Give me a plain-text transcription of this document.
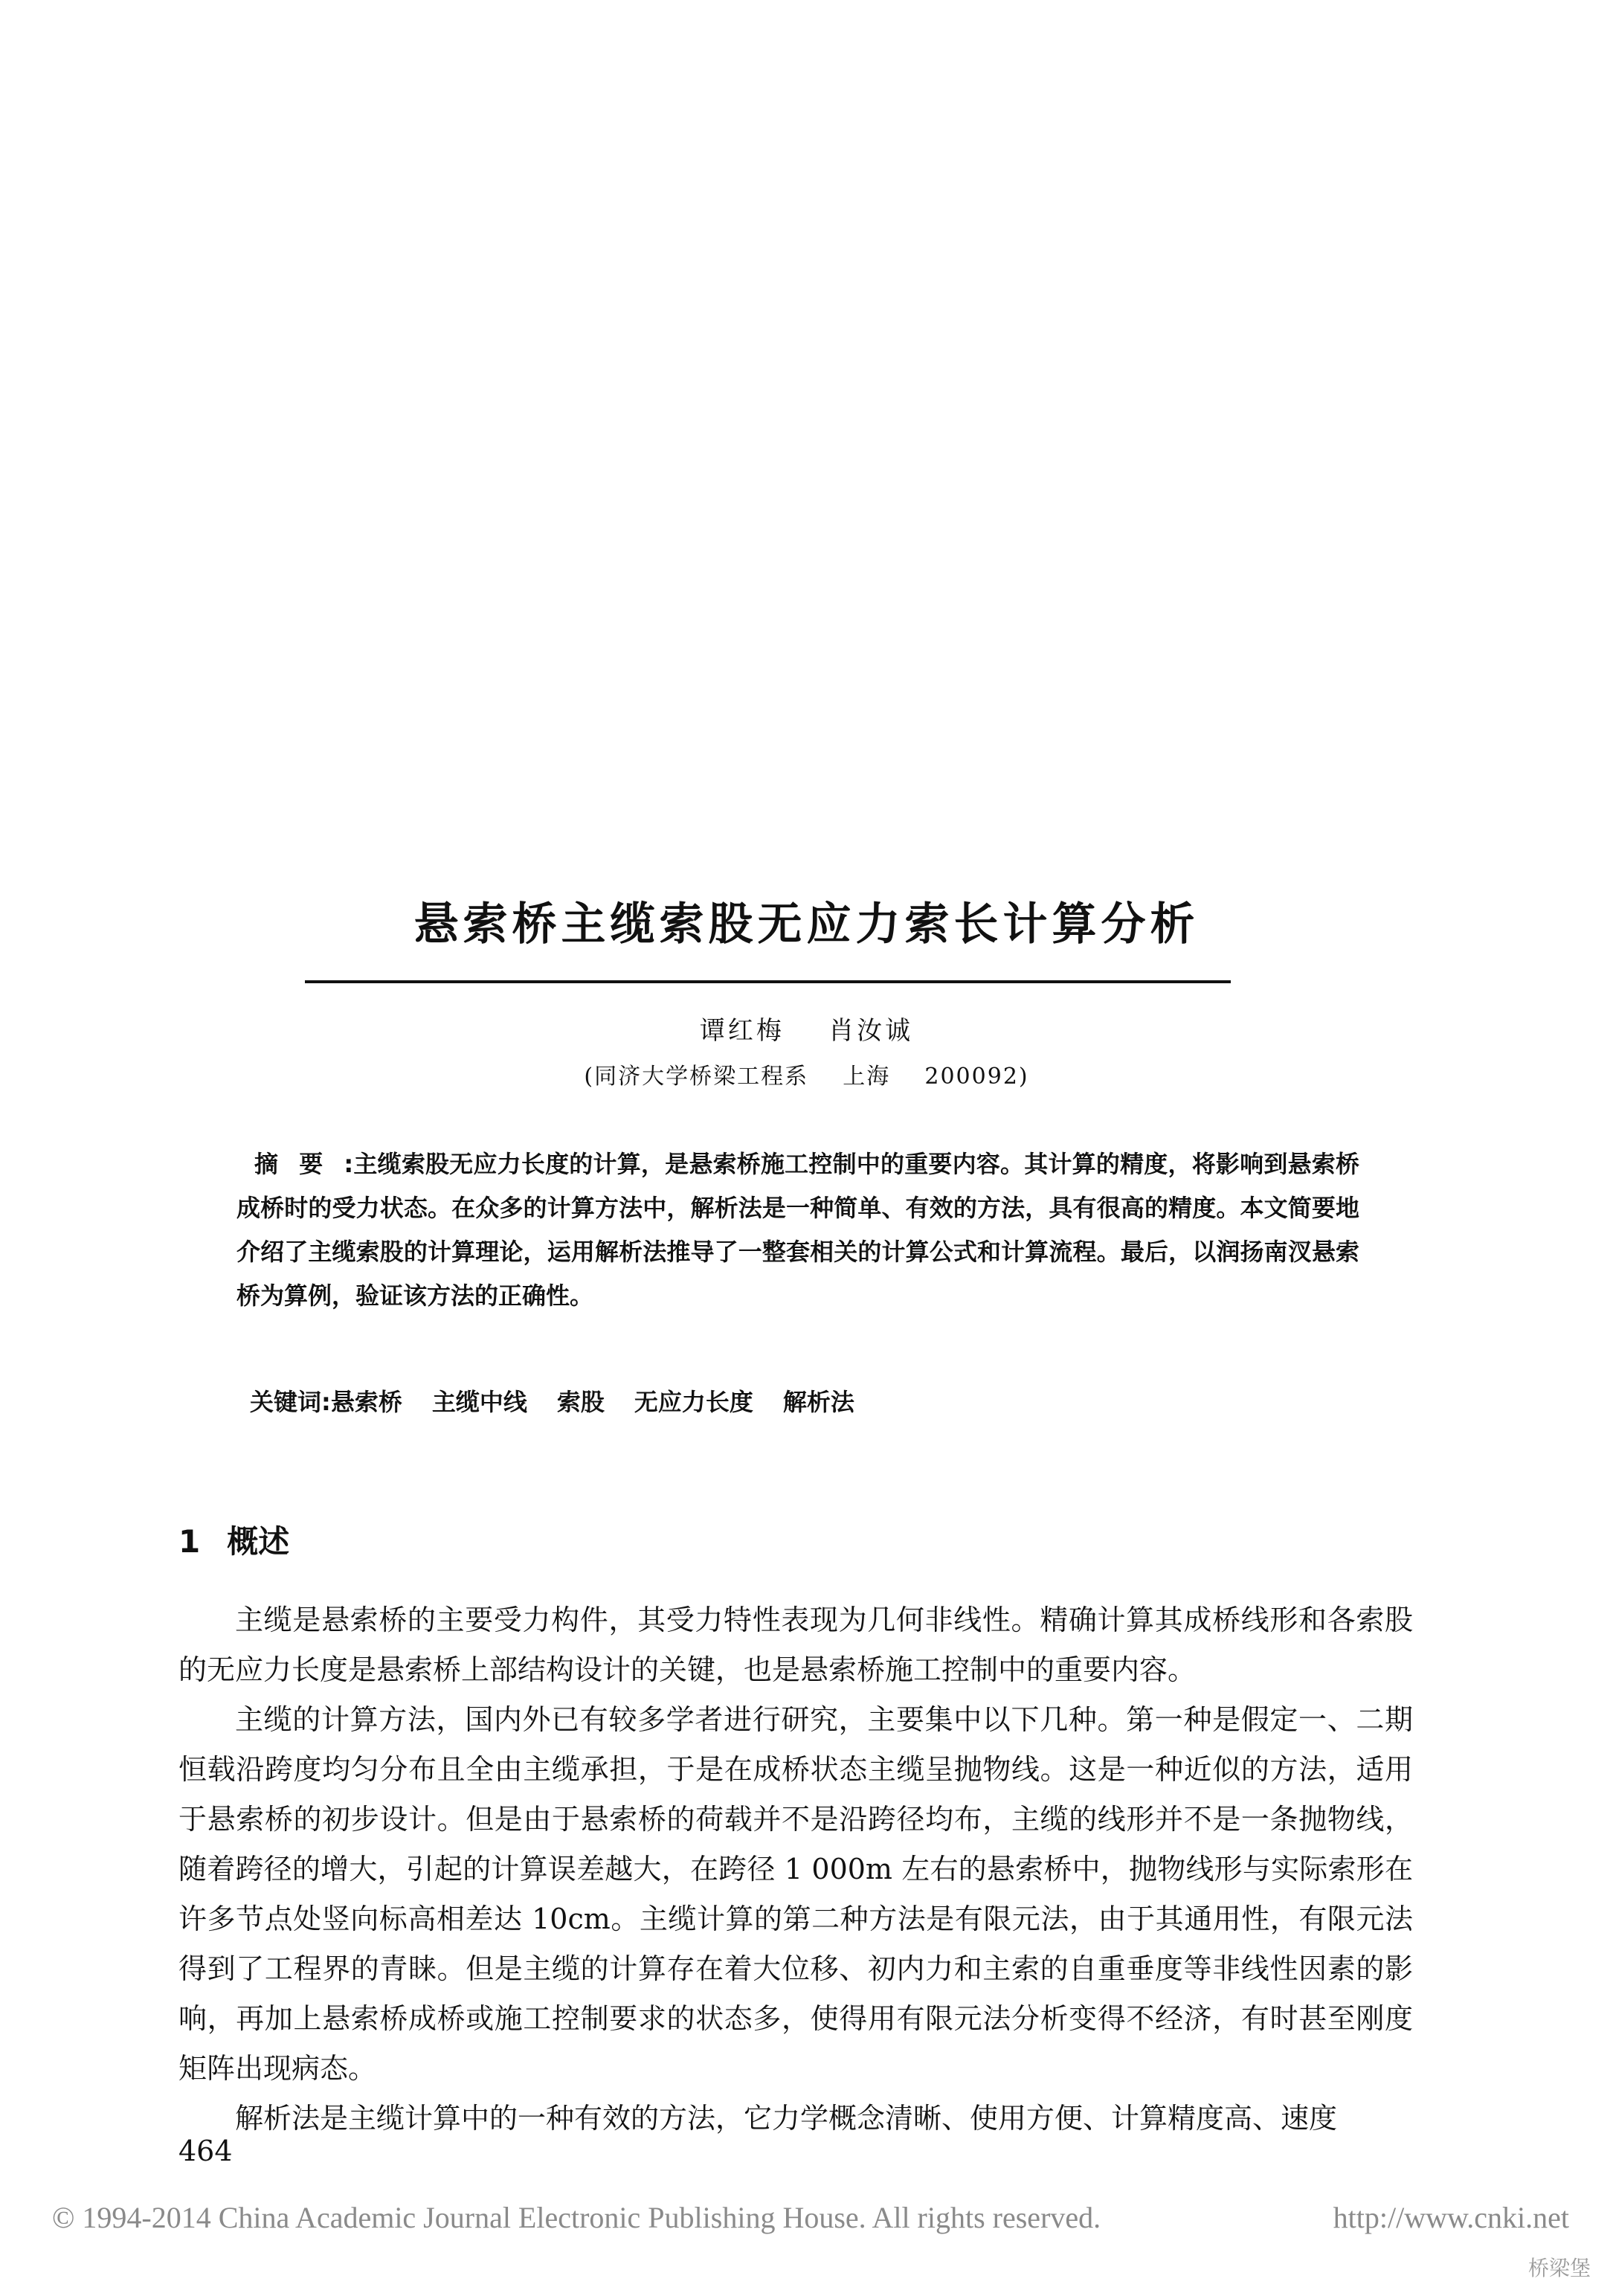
悬索桥主缆索股无应力索长计算分析
谭红梅    肖汝诚
(同济大学桥梁工程系    上海    200092)
摘要:主缆索股无应力长度的计算，是悬索桥施工控制中的重要内容。其计算的精度，将影响到悬索桥成桥时的受力状态。在众多的计算方法中，解析法是一种简单、有效的方法，具有很高的精度。本文简要地介绍了主缆索股的计算理论，运用解析法推导了一整套相关的计算公式和计算流程。最后，以润扬南汊悬索桥为算例，验证该方法的正确性。
关键词:悬索桥 主缆中线 索股 无应力长度 解析法
1 概述

主缆是悬索桥的主要受力构件，其受力特性表现为几何非线性。精确计算其成桥线形和各索股的无应力长度是悬索桥上部结构设计的关键，也是悬索桥施工控制中的重要内容。

主缆的计算方法，国内外已有较多学者进行研究，主要集中以下几种。第一种是假定一、二期恒载沿跨度均匀分布且全由主缆承担，于是在成桥状态主缆呈抛物线。这是一种近似的方法，适用于悬索桥的初步设计。但是由于悬索桥的荷载并不是沿跨径均布，主缆的线形并不是一条抛物线，随着跨径的增大，引起的计算误差越大，在跨径 1 000m 左右的悬索桥中，抛物线形与实际索形在许多节点处竖向标高相差达 10cm。主缆计算的第二种方法是有限元法，由于其通用性，有限元法得到了工程界的青睐。但是主缆的计算存在着大位移、初内力和主索的自重垂度等非线性因素的影响，再加上悬索桥成桥或施工控制要求的状态多，使得用有限元法分析变得不经济，有时甚至刚度矩阵出现病态。

解析法是主缆计算中的一种有效的方法，它力学概念清晰、使用方便、计算精度高、速度

464
© 1994-2014 China Academic Journal Electronic Publishing House. All rights reserved.	http://www.cnki.net
桥梁堡
